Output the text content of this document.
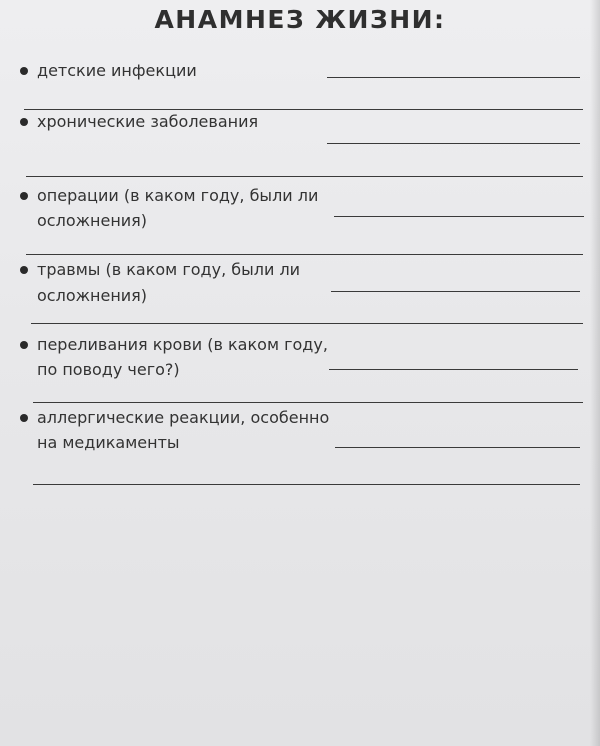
АНАМНЕЗ ЖИЗНИ:
детские инфекции
хронические заболевания
операции (в каком году, были ли
осложнения)
травмы (в каком году, были ли
осложнения)
переливания крови (в каком году,
по поводу чего?)
аллергические реакции, особенно
на медикаменты
